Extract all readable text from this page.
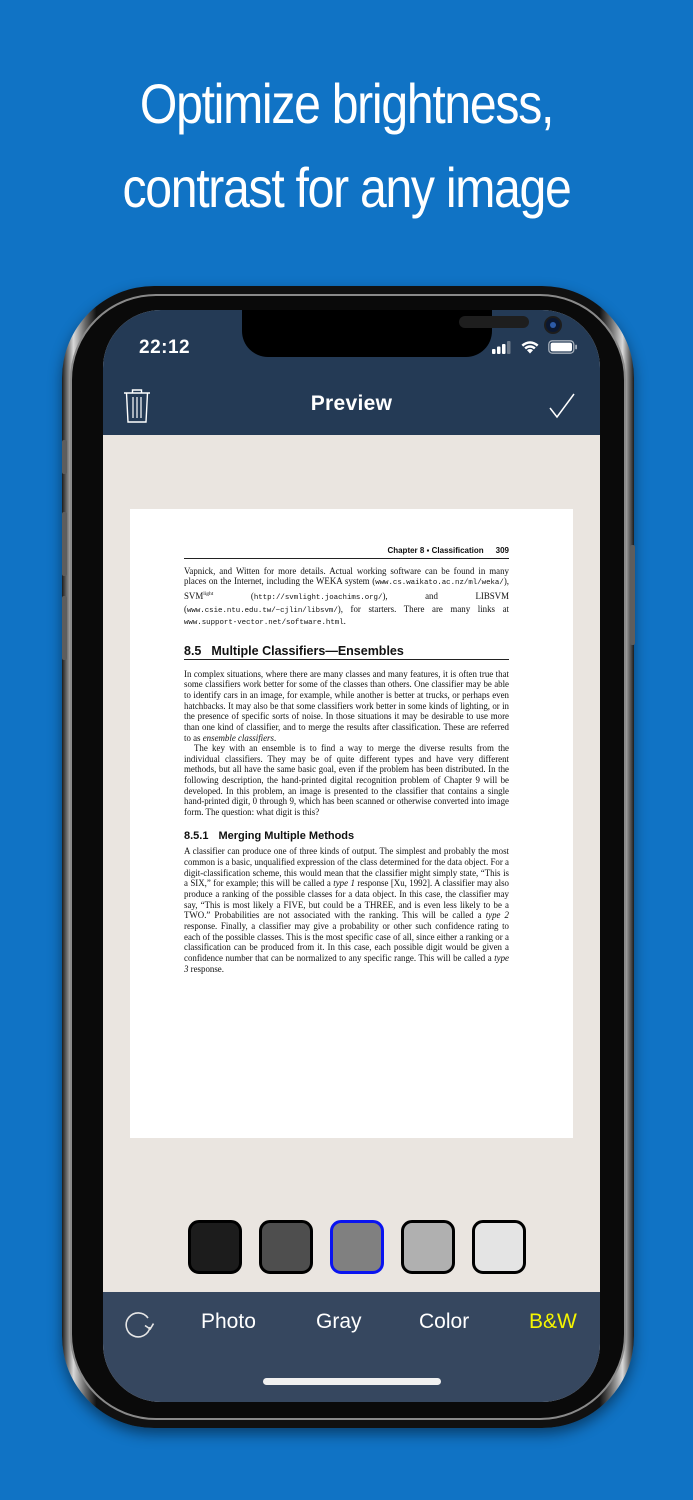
Optimize brightness,
contrast for any image
22:12
Preview
Chapter 8 ▪ Classification 309

Vapnick, and Witten for more details. Actual working software can be found in many places on the Internet, including the WEKA system (www.cs.waikato.ac.nz/ml/weka/), $SVM^{light}$ (http://svmlight.joachims.org/), and LIBSVM (www.csie.ntu.edu.tw/~cjlin/libsvm/), for starters. There are many links at www.support-vector.net/software.html.

8.5 Multiple Classifiers—Ensembles

In complex situations, where there are many classes and many features, it is often true that some classifiers work better for some of the classes than others. One classifier may be able to identify cars in an image, for example, while another is better at trucks, or perhaps even hatchbacks. It may also be that some classifiers work better in some kinds of lighting, or in the presence of specific sorts of noise. In those situations it may be desirable to use more than one kind of classifier, and to merge the results after classification. These are referred to as ensemble classifiers.

The key with an ensemble is to find a way to merge the diverse results from the individual classifiers. They may be of quite different types and have very different methods, but all have the same basic goal, even if the problem has been distributed. In the following description, the hand-printed digital recognition problem of Chapter 9 will be developed. In this problem, an image is presented to the classifier that contains a single hand-printed digit, 0 through 9, which has been scanned or otherwise converted into image form. The question: what digit is this?

8.5.1 Merging Multiple Methods

A classifier can produce one of three kinds of output. The simplest and probably the most common is a basic, unqualified expression of the class determined for the data object. For a digit-classification scheme, this would mean that the classifier might simply state, “This is a SIX,” for example; this will be called a type 1 response [Xu, 1992]. A classifier may also produce a ranking of the possible classes for a data object. In this case, the classifier may say, “This is most likely a FIVE, but could be a THREE, and is even less likely to be a TWO.” Probabilities are not associated with the ranking. This will be called a type 2 response. Finally, a classifier may give a probability or other such confidence rating to each of the possible classes. This is the most specific case of all, since either a ranking or a classification can be produced from it. In this case, each possible digit would be given a confidence number that can be normalized to any specific range. This will be called a type 3 response.

Photo	Gray	Color	B&W
